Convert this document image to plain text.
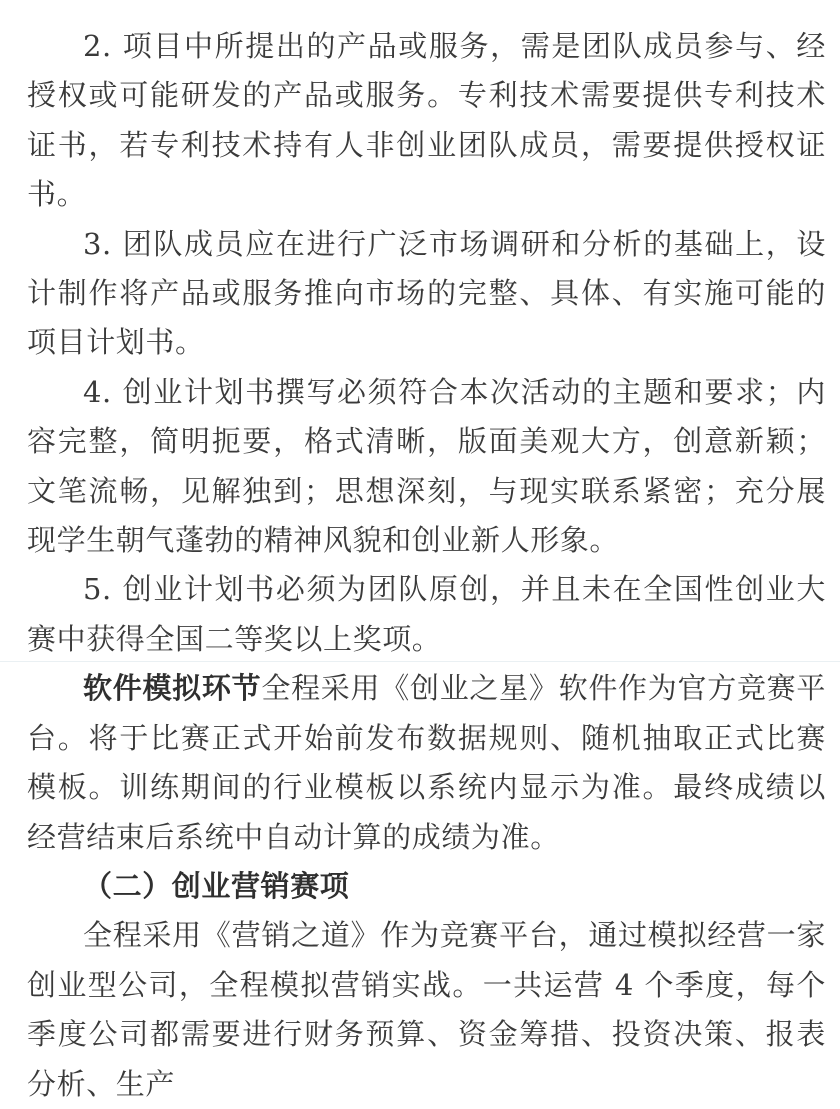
2. 项目中所提出的产品或服务，需是团队成员参与、经授权或可能研发的产品或服务。专利技术需要提供专利技术证书，若专利技术持有人非创业团队成员，需要提供授权证书。

3. 团队成员应在进行广泛市场调研和分析的基础上，设计制作将产品或服务推向市场的完整、具体、有实施可能的项目计划书。

4. 创业计划书撰写必须符合本次活动的主题和要求；内容完整，简明扼要，格式清晰，版面美观大方，创意新颖；文笔流畅，见解独到；思想深刻，与现实联系紧密；充分展现学生朝气蓬勃的精神风貌和创业新人形象。

5. 创业计划书必须为团队原创，并且未在全国性创业大赛中获得全国二等奖以上奖项。

软件模拟环节全程采用《创业之星》软件作为官方竞赛平台。将于比赛正式开始前发布数据规则、随机抽取正式比赛模板。训练期间的行业模板以系统内显示为准。最终成绩以经营结束后系统中自动计算的成绩为准。

（二）创业营销赛项

全程采用《营销之道》作为竞赛平台，通过模拟经营一家创业型公司，全程模拟营销实战。一共运营 4 个季度，每个季度公司都需要进行财务预算、资金筹措、投资决策、报表分析、生产
